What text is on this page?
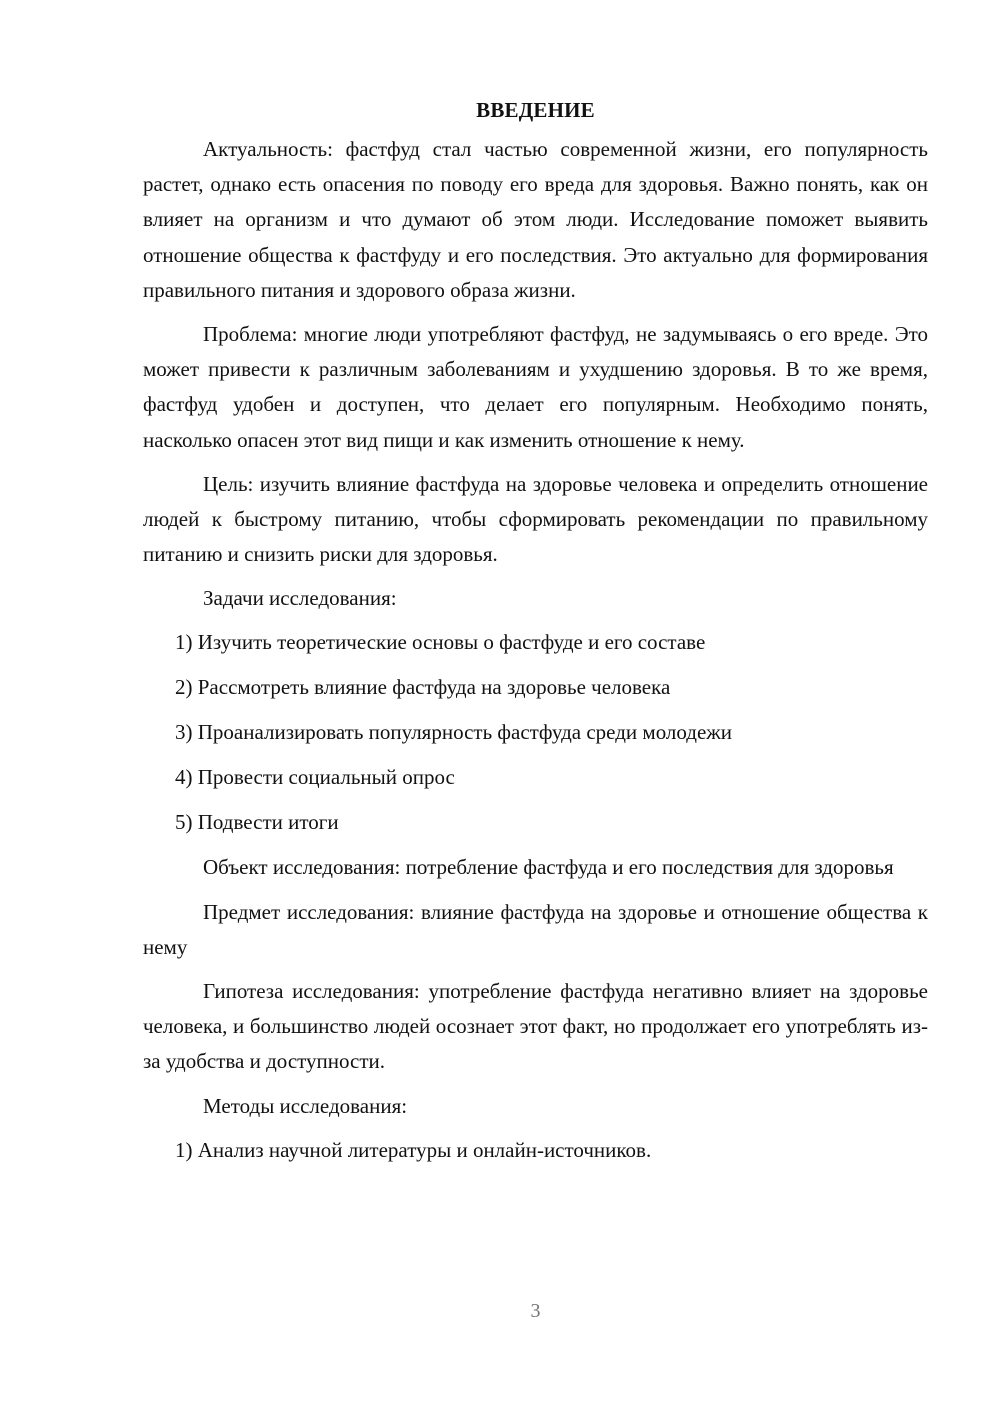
ВВЕДЕНИЕ

Актуальность: фастфуд стал частью современной жизни, его популярность растет, однако есть опасения по поводу его вреда для здоровья. Важно понять, как он влияет на организм и что думают об этом люди. Исследование поможет выявить отношение общества к фастфуду и его последствия. Это актуально для формирования правильного питания и здорового образа жизни.

Проблема: многие люди употребляют фастфуд, не задумываясь о его вреде. Это может привести к различным заболеваниям и ухудшению здоровья. В то же время, фастфуд удобен и доступен, что делает его популярным. Необходимо понять, насколько опасен этот вид пищи и как изменить отношение к нему.

Цель: изучить влияние фастфуда на здоровье человека и определить отношение людей к быстрому питанию, чтобы сформировать рекомендации по правильному питанию и снизить риски для здоровья.

Задачи исследования:

1) Изучить теоретические основы о фастфуде и его составе
2) Рассмотреть влияние фастфуда на здоровье человека
3) Проанализировать популярность фастфуда среди молодежи
4) Провести социальный опрос
5) Подвести итоги

Объект исследования: потребление фастфуда и его последствия для здоровья

Предмет исследования: влияние фастфуда на здоровье и отношение общества к нему

Гипотеза исследования: употребление фастфуда негативно влияет на здоровье человека, и большинство людей осознает этот факт, но продолжает его употреблять из-за удобства и доступности.

Методы исследования:

1) Анализ научной литературы и онлайн-источников.
3
